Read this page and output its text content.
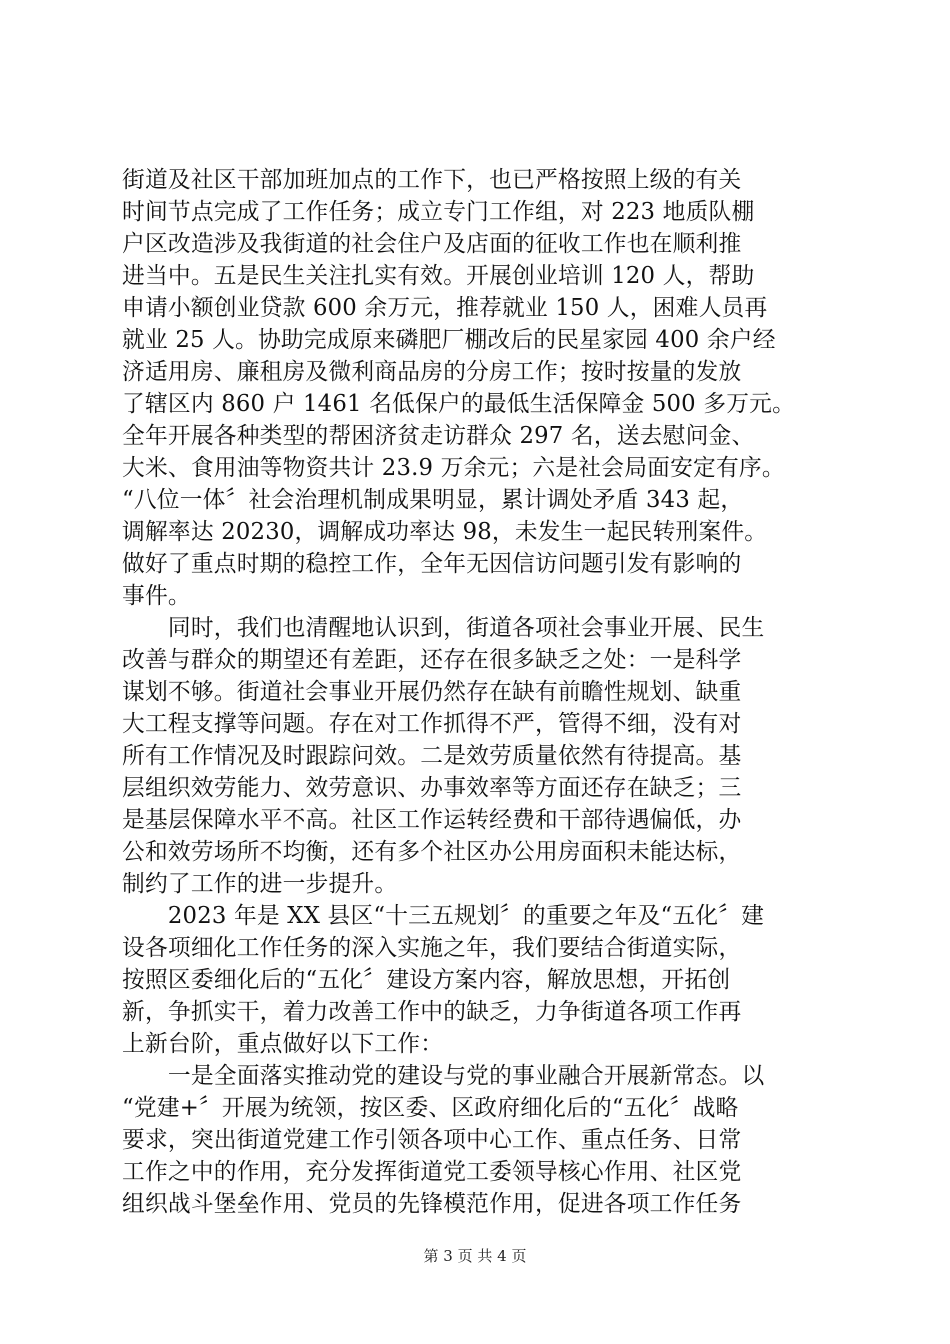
街道及社区干部加班加点的工作下，也已严格按照上级的有关
时间节点完成了工作任务；成立专门工作组，对 223 地质队棚
户区改造涉及我街道的社会住户及店面的征收工作也在顺利推
进当中。五是民生关注扎实有效。开展创业培训 120 人，帮助
申请小额创业贷款 600 余万元，推荐就业 150 人，困难人员再
就业 25 人。协助完成原来磷肥厂棚改后的民星家园 400 余户经
济适用房、廉租房及微利商品房的分房工作；按时按量的发放
了辖区内 860 户 1461 名低保户的最低生活保障金 500 多万元。
全年开展各种类型的帮困济贫走访群众 297 名，送去慰问金、
大米、食用油等物资共计 23.9 万余元；六是社会局面安定有序。
“八位一体〞社会治理机制成果明显，累计调处矛盾 343 起，
调解率达 20230，调解成功率达 98，未发生一起民转刑案件。
做好了重点时期的稳控工作，全年无因信访问题引发有影响的
事件。
　　同时，我们也清醒地认识到，街道各项社会事业开展、民生
改善与群众的期望还有差距，还存在很多缺乏之处：一是科学
谋划不够。街道社会事业开展仍然存在缺有前瞻性规划、缺重
大工程支撑等问题。存在对工作抓得不严，管得不细，没有对
所有工作情况及时跟踪问效。二是效劳质量依然有待提高。基
层组织效劳能力、效劳意识、办事效率等方面还存在缺乏；三
是基层保障水平不高。社区工作运转经费和干部待遇偏低，办
公和效劳场所不均衡，还有多个社区办公用房面积未能达标，
制约了工作的进一步提升。
　　2023 年是 XX 县区“十三五规划〞的重要之年及“五化〞建
设各项细化工作任务的深入实施之年，我们要结合街道实际，
按照区委细化后的“五化〞建设方案内容，解放思想，开拓创
新，争抓实干，着力改善工作中的缺乏，力争街道各项工作再
上新台阶，重点做好以下工作：
　　一是全面落实推动党的建设与党的事业融合开展新常态。以
“党建+〞开展为统领，按区委、区政府细化后的“五化〞战略
要求，突出街道党建工作引领各项中心工作、重点任务、日常
工作之中的作用，充分发挥街道党工委领导核心作用、社区党
组织战斗堡垒作用、党员的先锋模范作用，促进各项工作任务
第 3 页 共 4 页
